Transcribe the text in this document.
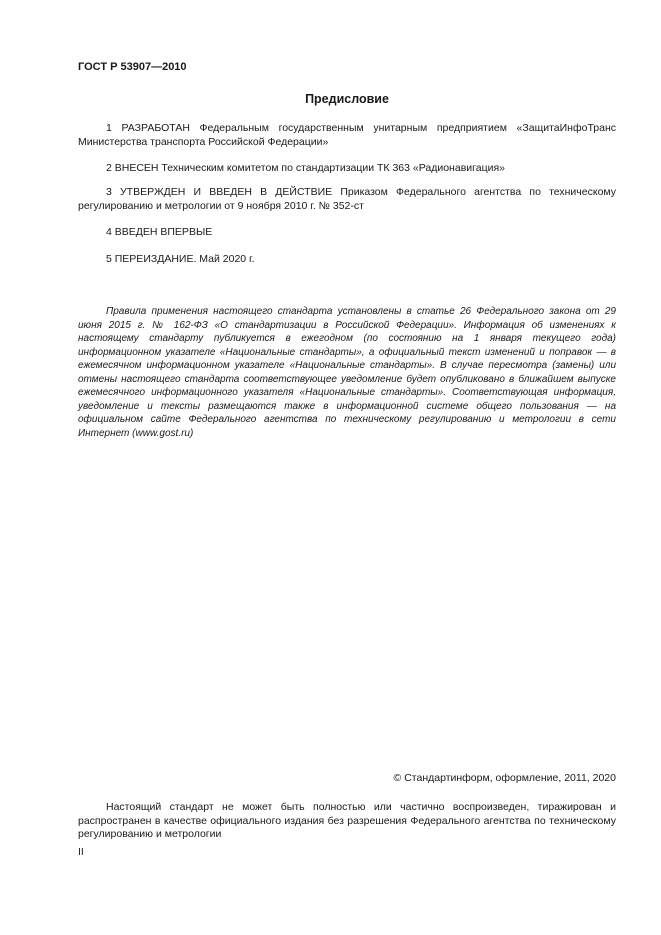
ГОСТ Р 53907—2010
Предисловие

1 РАЗРАБОТАН Федеральным государственным унитарным предприятием «ЗащитаИнфоТранс Министерства транспорта Российской Федерации»

2 ВНЕСЕН Техническим комитетом по стандартизации ТК 363 «Радионавигация»

3 УТВЕРЖДЕН И ВВЕДЕН В ДЕЙСТВИЕ Приказом Федерального агентства по техническому регулированию и метрологии от 9 ноября 2010 г. № 352-ст

4 ВВЕДЕН ВПЕРВЫЕ

5 ПЕРЕИЗДАНИЕ. Май 2020 г.

Правила применения настоящего стандарта установлены в статье 26 Федерального закона от 29 июня 2015 г. № 162-ФЗ «О стандартизации в Российской Федерации». Информация об изменениях к настоящему стандарту публикуется в ежегодном (по состоянию на 1 января текущего года) информационном указателе «Национальные стандарты», а официальный текст изменений и поправок — в ежемесячном информационном указателе «Национальные стандарты». В случае пересмотра (замены) или отмены настоящего стандарта соответствующее уведомление будет опубликовано в ближайшем выпуске ежемесячного информационного указателя «Национальные стандарты». Соответствующая информация, уведомление и тексты размещаются также в информационной системе общего пользования — на официальном сайте Федерального агентства по техническому регулированию и метрологии в сети Интернет (www.gost.ru)

© Стандартинформ, оформление, 2011, 2020

Настоящий стандарт не может быть полностью или частично воспроизведен, тиражирован и распространен в качестве официального издания без разрешения Федерального агентства по техническому регулированию и метрологии

II
